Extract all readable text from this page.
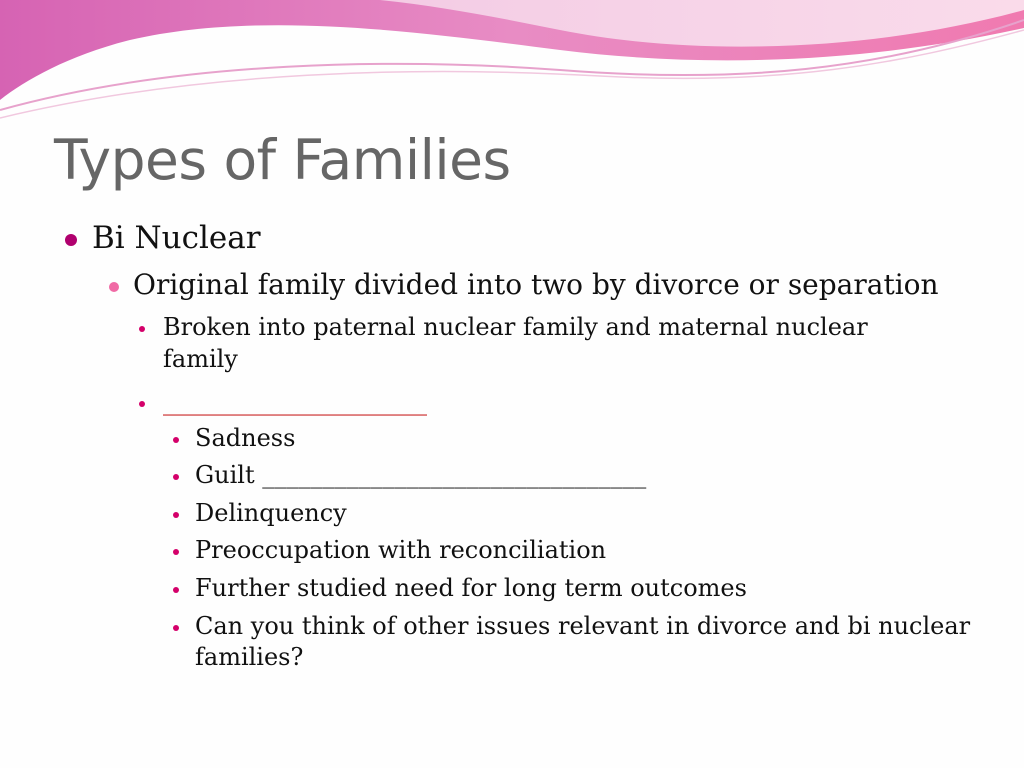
Types of Families
Bi Nuclear
Original family divided into two by divorce or separation
Broken into paternal nuclear family and maternal nuclear
family
______________________
Sadness
Guilt ________________________________
Delinquency
Preoccupation with reconciliation
Further studied need for long term outcomes
Can you think of other issues relevant in divorce and bi nuclear
families?
